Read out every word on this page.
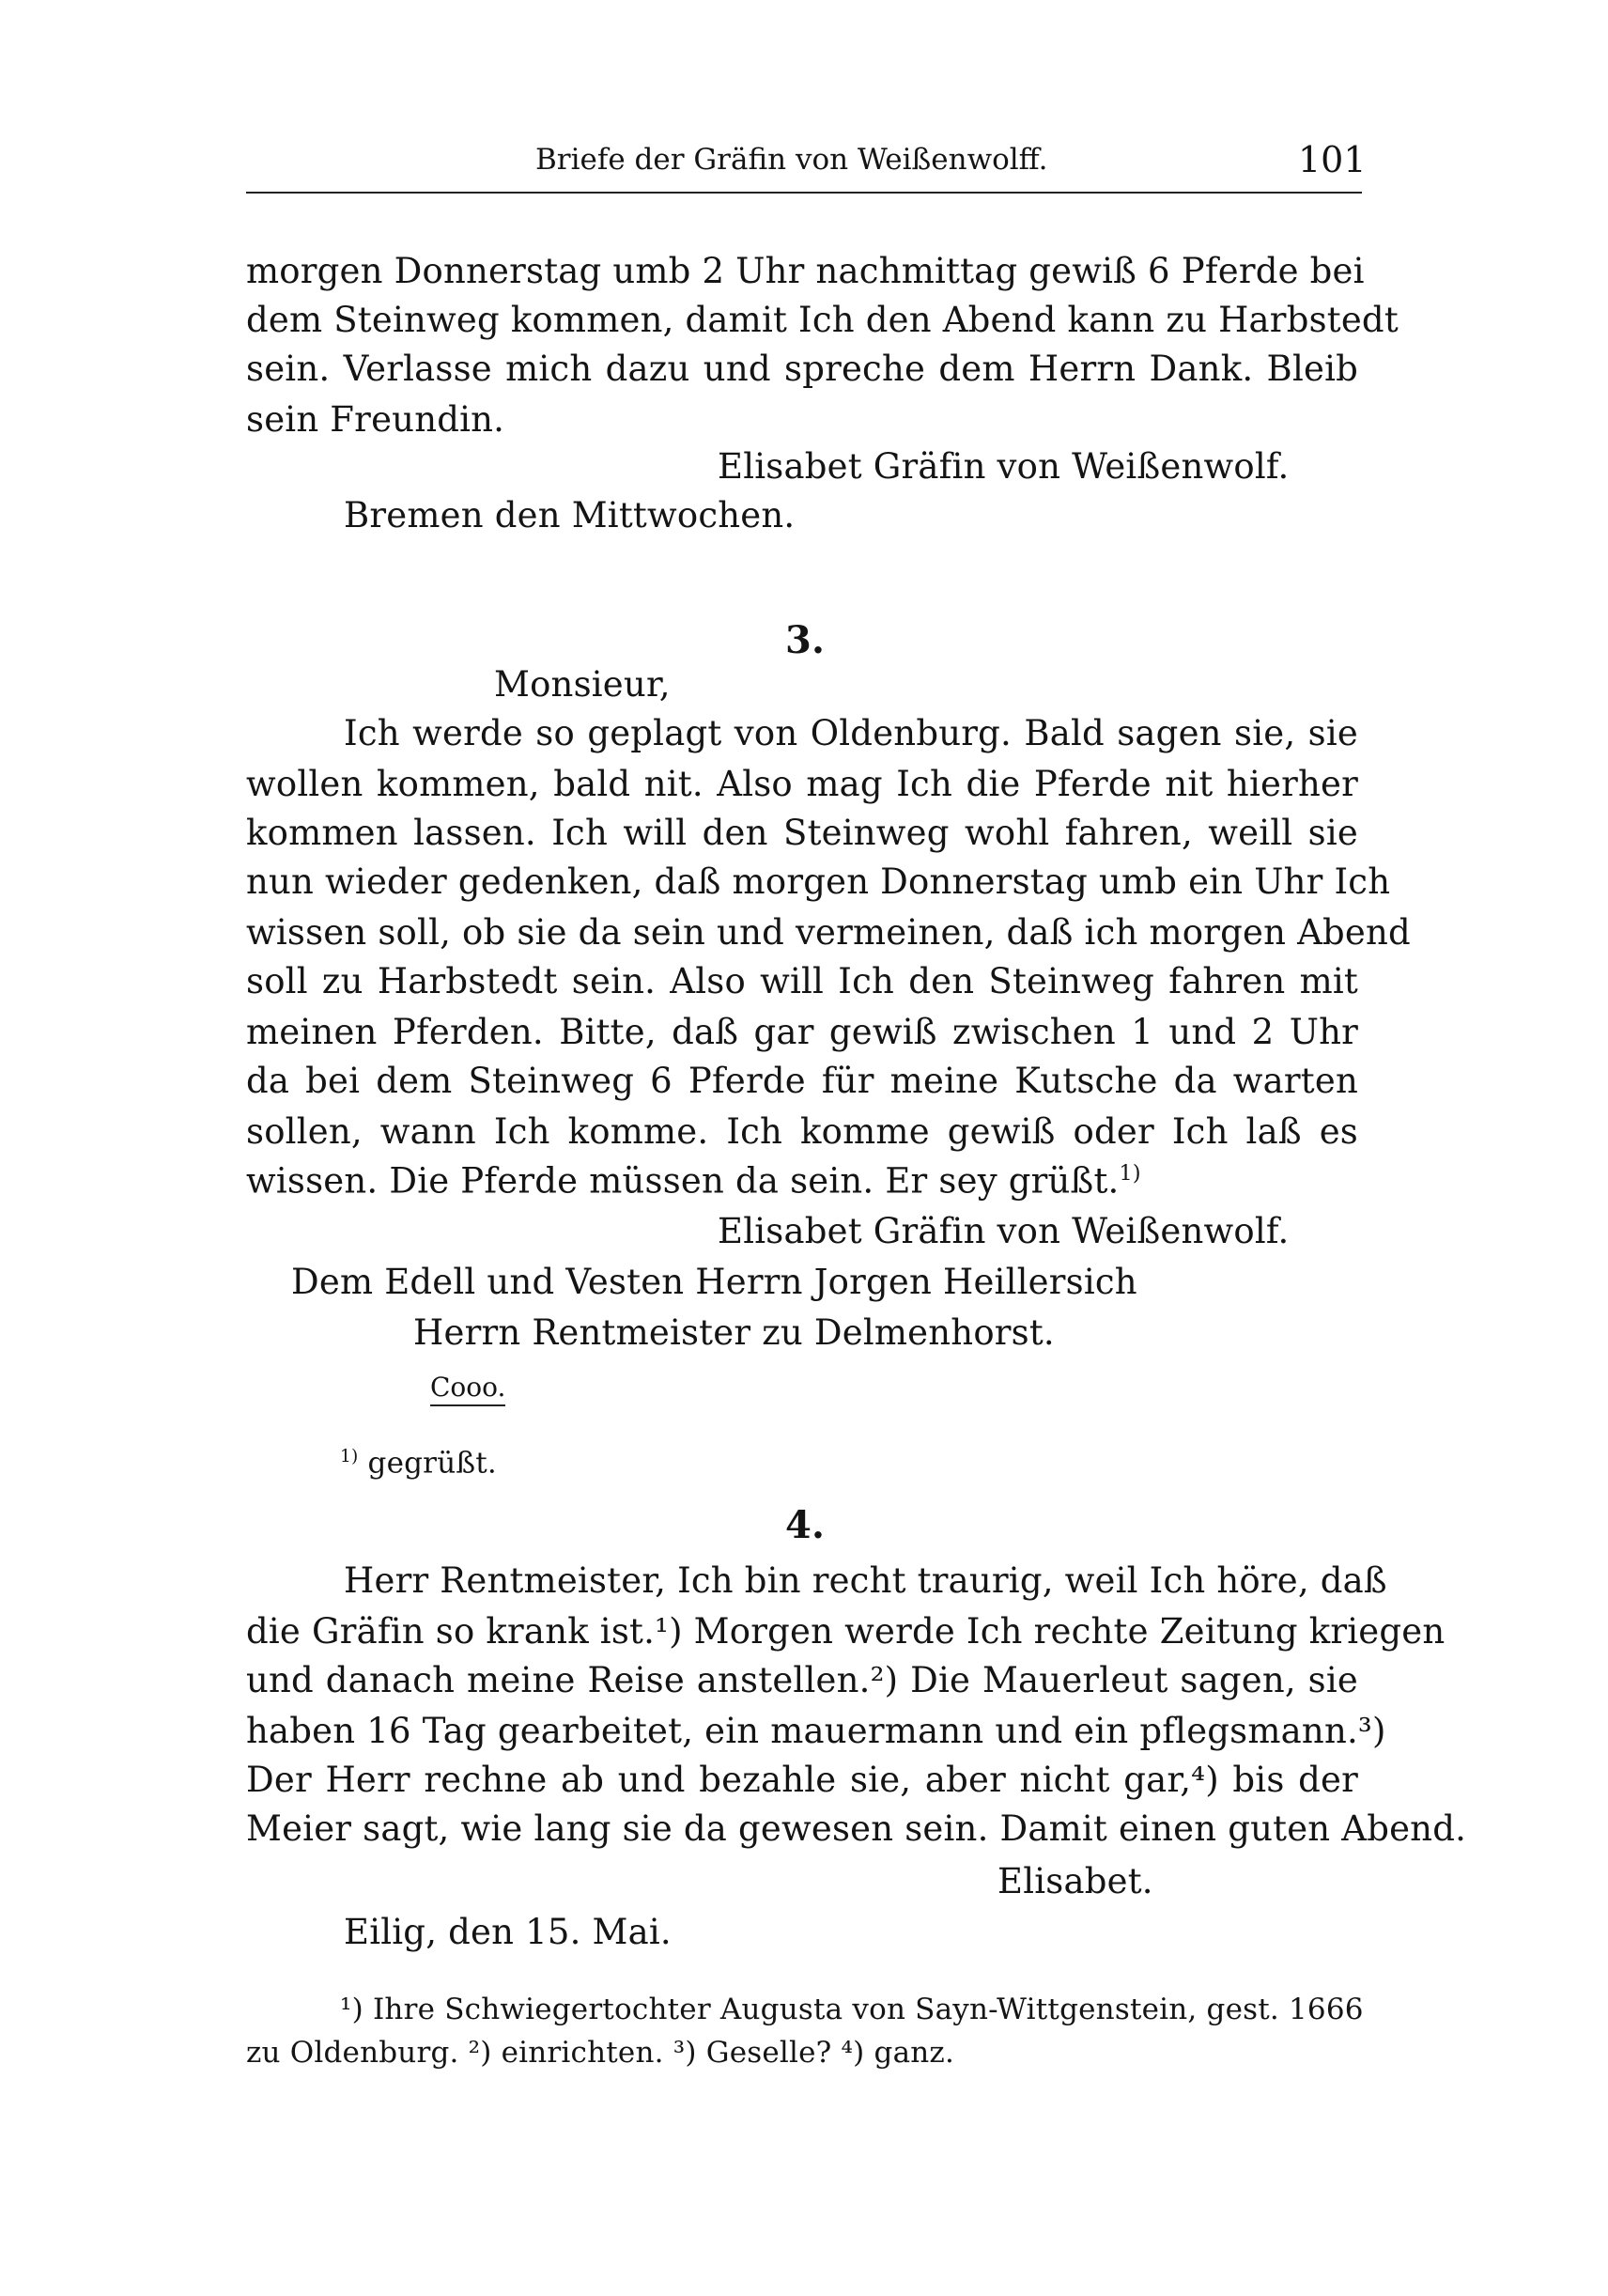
Briefe der Gräfin von Weißenwolff.	101
morgen Donnerstag umb 2 Uhr nachmittag gewiß 6 Pferde bei
dem Steinweg kommen, damit Ich den Abend kann zu Harbstedt
sein. Verlasse mich dazu und spreche dem Herrn Dank. Bleib
sein Freundin.
Elisabet Gräfin von Weißenwolf.
Bremen den Mittwochen.
3.
Monsieur,
Ich werde so geplagt von Oldenburg. Bald sagen sie, sie
wollen kommen, bald nit. Also mag Ich die Pferde nit hierher
kommen lassen. Ich will den Steinweg wohl fahren, weill sie
nun wieder gedenken, daß morgen Donnerstag umb ein Uhr Ich
wissen soll, ob sie da sein und vermeinen, daß ich morgen Abend
soll zu Harbstedt sein. Also will Ich den Steinweg fahren mit
meinen Pferden. Bitte, daß gar gewiß zwischen 1 und 2 Uhr
da bei dem Steinweg 6 Pferde für meine Kutsche da warten
sollen, wann Ich komme. Ich komme gewiß oder Ich laß es
wissen. Die Pferde müssen da sein. Er sey grüßt.$^{1)}$
Elisabet Gräfin von Weißenwolf.
Dem Edell und Vesten Herrn Jorgen Heillersich
Herrn Rentmeister zu Delmenhorst.
Cooo.
$^{1)}$ gegrüßt.
4.
Herr Rentmeister, Ich bin recht traurig, weil Ich höre, daß
die Gräfin so krank ist.¹) Morgen werde Ich rechte Zeitung kriegen
und danach meine Reise anstellen.²) Die Mauerleut sagen, sie
haben 16 Tag gearbeitet, ein mauermann und ein pflegsmann.³)
Der Herr rechne ab und bezahle sie, aber nicht gar,⁴) bis der
Meier sagt, wie lang sie da gewesen sein. Damit einen guten Abend.
Elisabet.
Eilig, den 15. Mai.
¹) Ihre Schwiegertochter Augusta von Sayn-Wittgenstein, gest. 1666
zu Oldenburg. ²) einrichten. ³) Geselle? ⁴) ganz.
